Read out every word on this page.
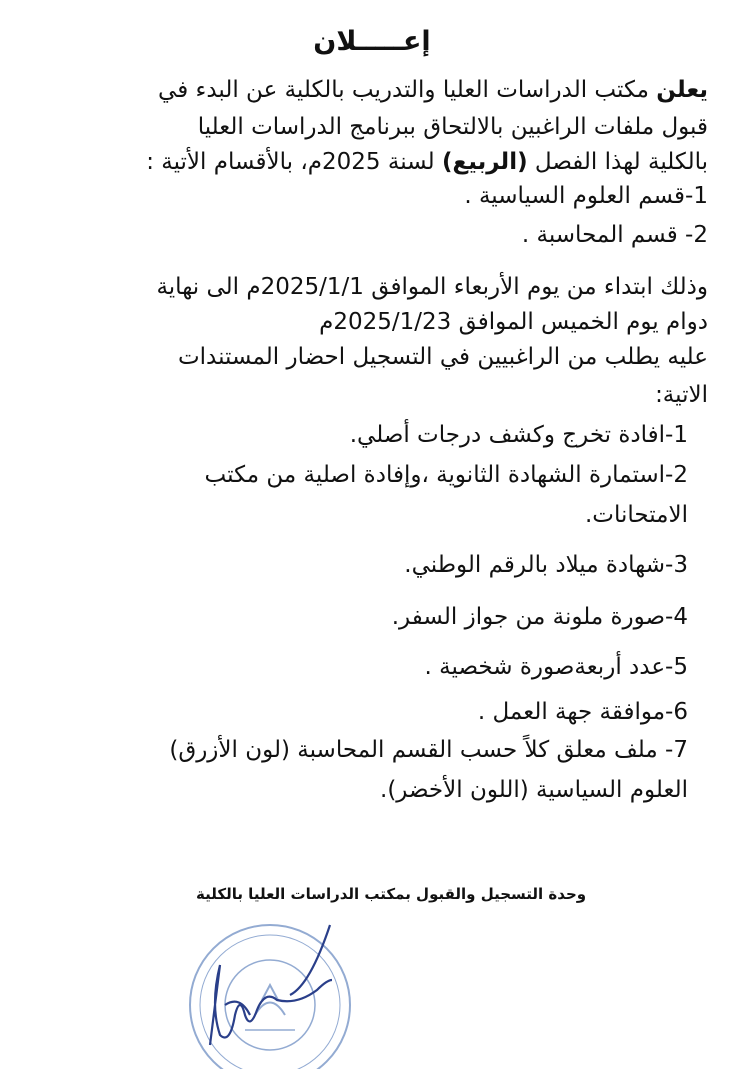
إعـــــلان
يعلن مكتب الدراسات العليا والتدريب بالكلية عن البدء في
قبول ملفات الراغبين بالالتحاق ببرنامج الدراسات العليا
بالكلية لهذا الفصل (الربيع) لسنة 2025م، بالأقسام الأتية :
1-قسم العلوم السياسية .
2- قسم المحاسبة .
وذلك ابتداء من يوم الأربعاء الموافق 2025/1/1م الى نهاية
دوام يوم الخميس الموافق 2025/1/23م
عليه يطلب من الراغبيين في التسجيل احضار المستندات
الاتية:
1-افادة تخرج وكشف درجات أصلي.
2-استمارة الشهادة الثانوية ،وإفادة اصلية من مكتب
الامتحانات.
3-شهادة ميلاد بالرقم الوطني.
4-صورة ملونة من جواز السفر.
5-عدد أربعةصورة شخصية .
6-موافقة جهة العمل .
7- ملف معلق كلاً حسب القسم المحاسبة (لون الأزرق)
العلوم السياسية (اللون الأخضر).
وحدة التسجيل والقبول بمكتب الدراسات العليا بالكلية
